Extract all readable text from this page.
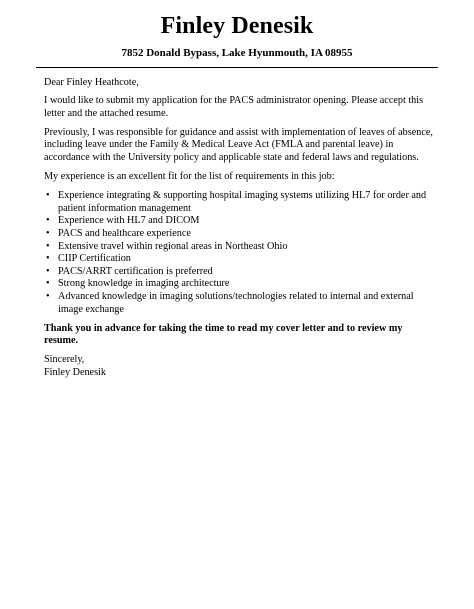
Finley Denesik
7852 Donald Bypass, Lake Hyunmouth, IA 08955

Dear Finley Heathcote,

I would like to submit my application for the PACS administrator opening. Please accept this letter and the attached resume.

Previously, I was responsible for guidance and assist with implementation of leaves of absence, including leave under the Family & Medical Leave Act (FMLA and parental leave) in accordance with the University policy and applicable state and federal laws and regulations.

My experience is an excellent fit for the list of requirements in this job:

• Experience integrating & supporting hospital imaging systems utilizing HL7 for order and patient information management
• Experience with HL7 and DICOM
• PACS and healthcare experience
• Extensive travel within regional areas in Northeast Ohio
• CIIP Certification
• PACS/ARRT certification is preferred
• Strong knowledge in imaging architecture
• Advanced knowledge in imaging solutions/technologies related to internal and external image exchange

Thank you in advance for taking the time to read my cover letter and to review my resume.

Sincerely,

Finley Denesik
